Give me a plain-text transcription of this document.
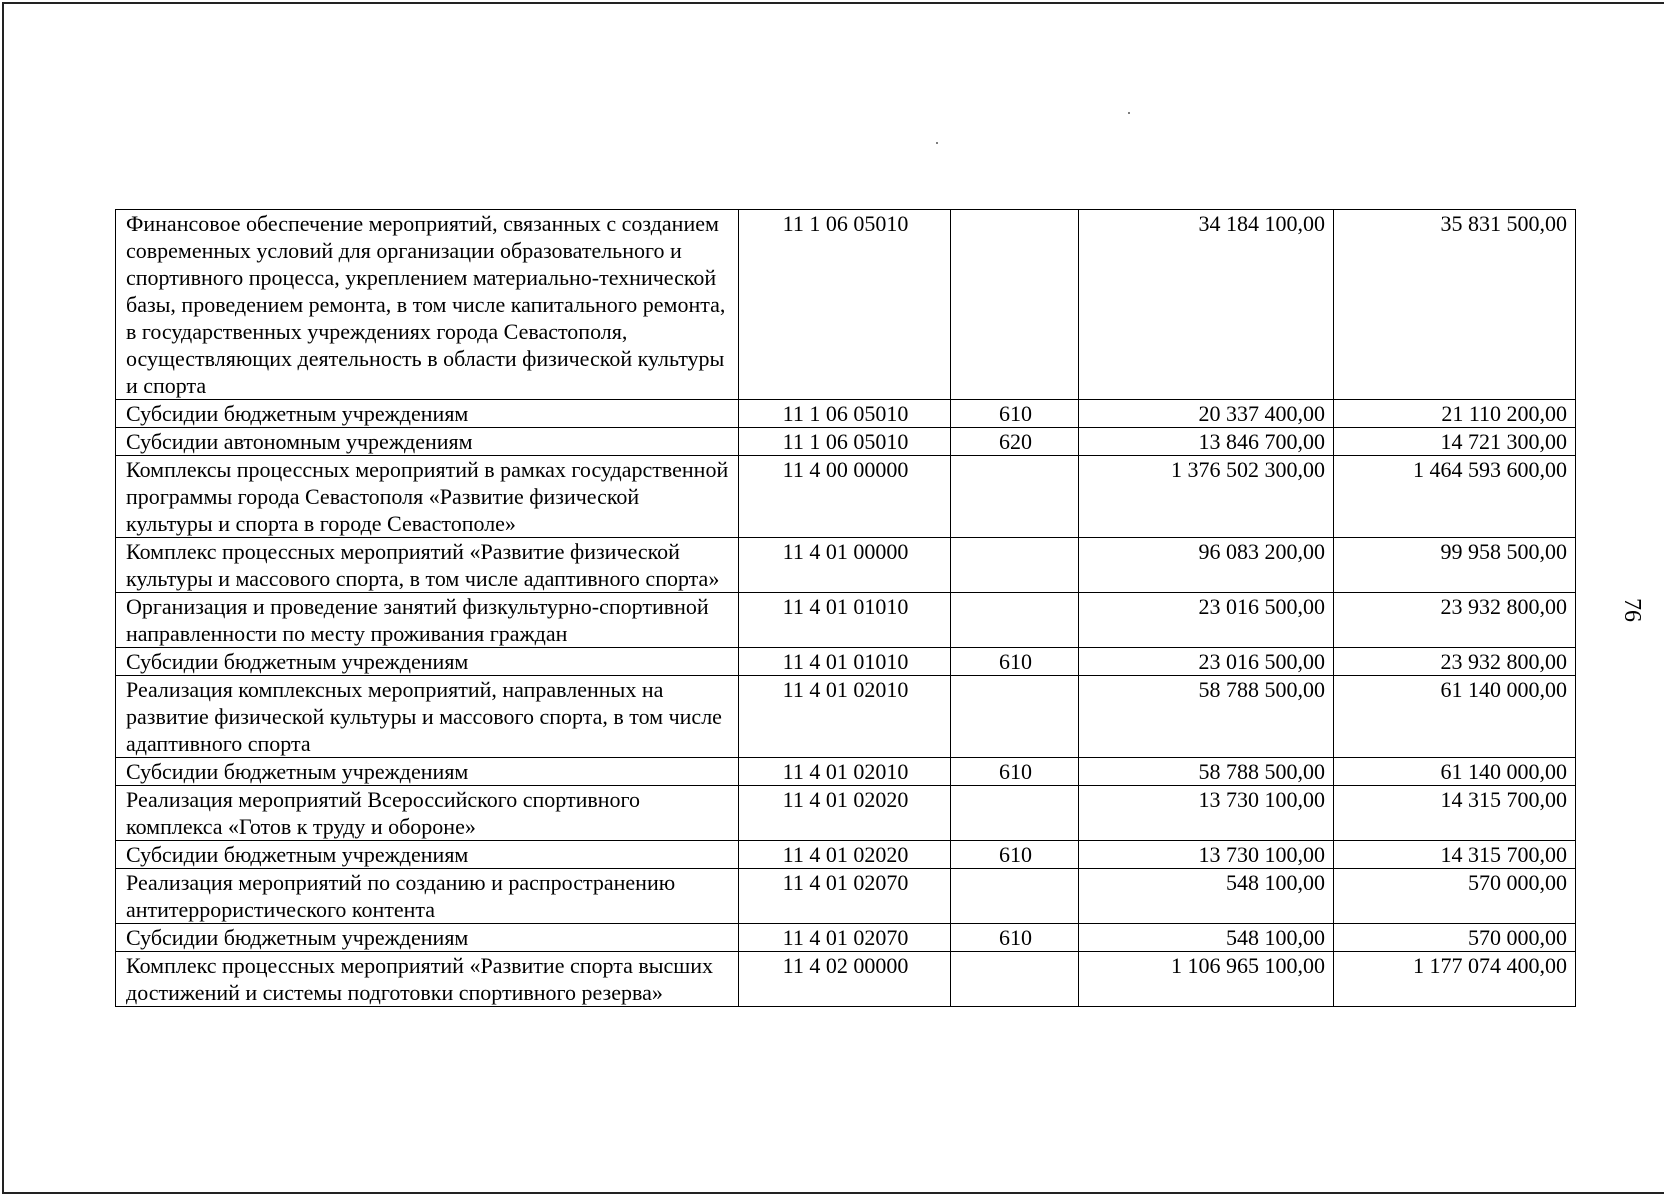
76
Финансовое обеспечение мероприятий, связанных с созданием современных условий для организации образовательного и спортивного процесса, укреплением материально-технической базы, проведением ремонта, в том числе капитального ремонта, в государственных учреждениях города Севастополя, осуществляющих деятельность в области физической культуры и спорта	11 1 06 05010		34 184 100,00	35 831 500,00
Субсидии бюджетным учреждениям	11 1 06 05010	610	20 337 400,00	21 110 200,00
Субсидии автономным учреждениям	11 1 06 05010	620	13 846 700,00	14 721 300,00
Комплексы процессных мероприятий в рамках государственной программы города Севастополя «Развитие физической культуры и спорта в городе Севастополе»	11 4 00 00000		1 376 502 300,00	1 464 593 600,00
Комплекс процессных мероприятий «Развитие физической культуры и массового спорта, в том числе адаптивного спорта»	11 4 01 00000		96 083 200,00	99 958 500,00
Организация и проведение занятий физкультурно-спортивной направленности по месту проживания граждан	11 4 01 01010		23 016 500,00	23 932 800,00
Субсидии бюджетным учреждениям	11 4 01 01010	610	23 016 500,00	23 932 800,00
Реализация комплексных мероприятий, направленных на развитие физической культуры и массового спорта, в том числе адаптивного спорта	11 4 01 02010		58 788 500,00	61 140 000,00
Субсидии бюджетным учреждениям	11 4 01 02010	610	58 788 500,00	61 140 000,00
Реализация мероприятий Всероссийского спортивного комплекса «Готов к труду и обороне»	11 4 01 02020		13 730 100,00	14 315 700,00
Субсидии бюджетным учреждениям	11 4 01 02020	610	13 730 100,00	14 315 700,00
Реализация мероприятий по созданию и распространению антитеррористического контента	11 4 01 02070		548 100,00	570 000,00
Субсидии бюджетным учреждениям	11 4 01 02070	610	548 100,00	570 000,00
Комплекс процессных мероприятий «Развитие спорта высших достижений и системы подготовки спортивного резерва»	11 4 02 00000		1 106 965 100,00	1 177 074 400,00
